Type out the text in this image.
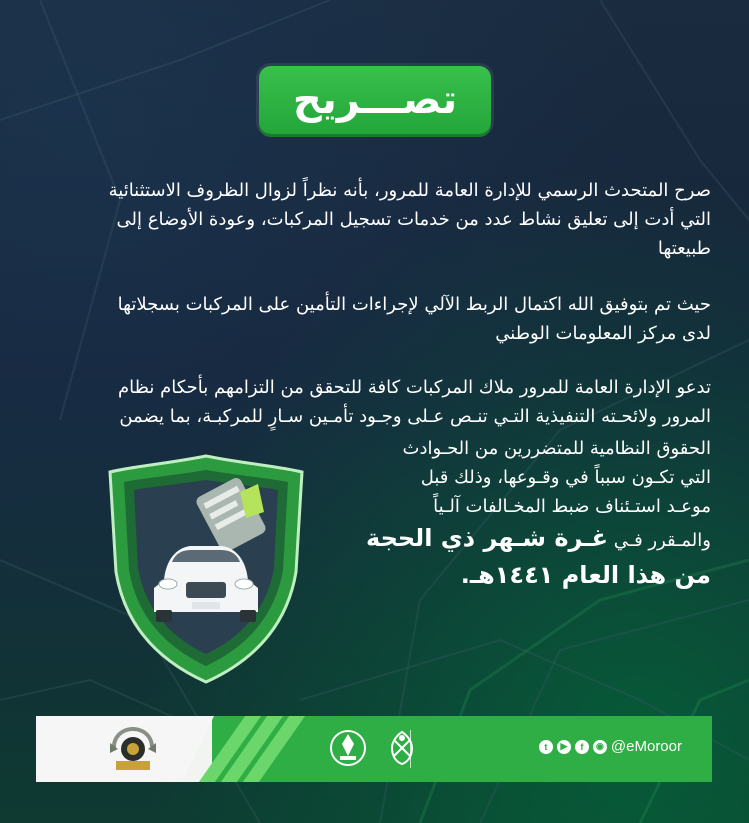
تصـــريح

صرح المتحدث الرسمي للإدارة العامة للمرور، بأنه نظراً لزوال الظروف الاستثنائية
التي أدت إلى تعليق نشاط عدد من خدمات تسجيل المركبات، وعودة الأوضاع إلى
طبيعتها

حيث تم بتوفيق الله اكتمال الربط الآلي لإجراءات التأمين على المركبات بسجلاتها
لدى مركز المعلومات الوطني

تدعو الإدارة العامة للمرور ملاك المركبات كافة للتحقق من التزامهم بأحكام نظام
المرور ولائحـته التنفيذية التـي تنـص عـلى وجـود تأمـين سـارٍ للمركبـة، بما يضمن

الحقوق النظامية للمتضررين من الحـوادث
التي تكـون سبباً في وقـوعها، وذلك قبل
موعـد استـئناف ضبط المخـالفات آلـياً
والمـقرر فـي غـرة شـهر ذي الحجة
من هذا العام ١٤٤١هـ.

t	▶	f	◉ @eMoroor
